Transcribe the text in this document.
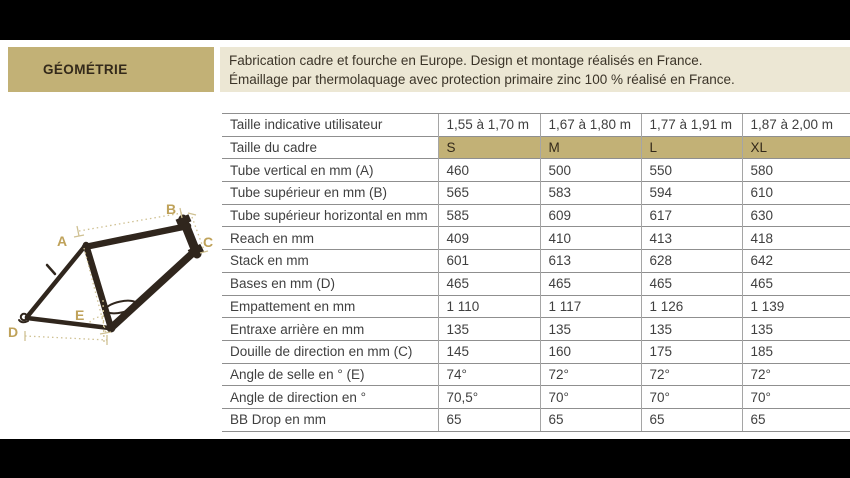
GÉOMÉTRIE
Fabrication cadre et fourche en Europe. Design et montage réalisés en France.
Émaillage par thermolaquage avec protection primaire zinc 100 % réalisé en France.
A
B
C
D
E
Taille indicative utilisateur	1,55 à 1,70 m	1,67 à 1,80 m	1,77 à 1,91 m	1,87 à 2,00 m
Taille du cadre	S	M	L	XL
Tube vertical en mm (A)	460	500	550	580
Tube supérieur en mm (B)	565	583	594	610
Tube supérieur horizontal en mm	585	609	617	630
Reach en mm	409	410	413	418
Stack en mm	601	613	628	642
Bases en mm (D)	465	465	465	465
Empattement en mm	1 110	1 117	1 126	1 139
Entraxe arrière en mm	135	135	135	135
Douille de direction en mm (C)	145	160	175	185
Angle de selle en ° (E)	74°	72°	72°	72°
Angle de direction en °	70,5°	70°	70°	70°
BB Drop en mm	65	65	65	65
